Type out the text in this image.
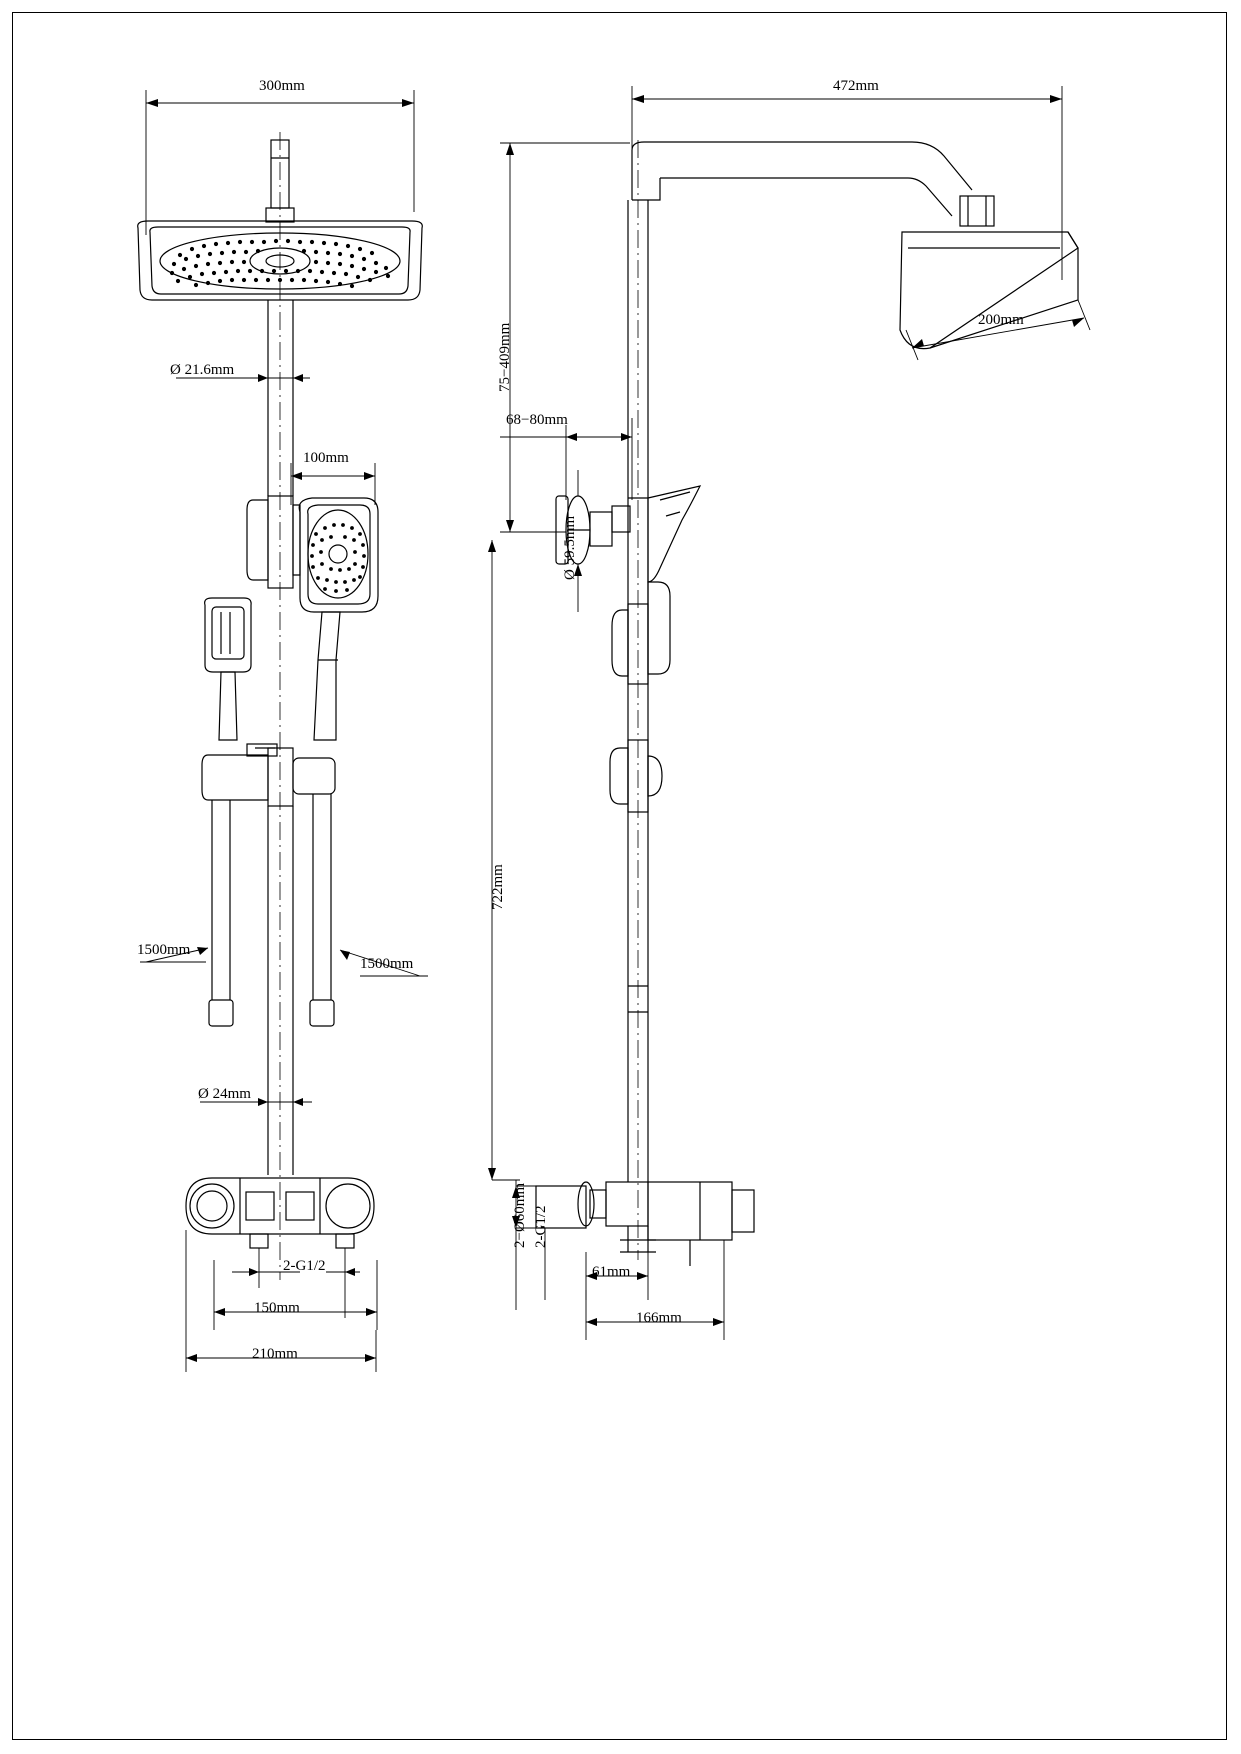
300mm
Ø 21.6mm
100mm
1500mm
1500mm
Ø 24mm
2-G1/2
150mm
210mm
472mm
200mm
75−409mm
68−80mm
Ø 59.5mm
722mm
2-G1/2
2−Ø60mm
61mm
166mm
